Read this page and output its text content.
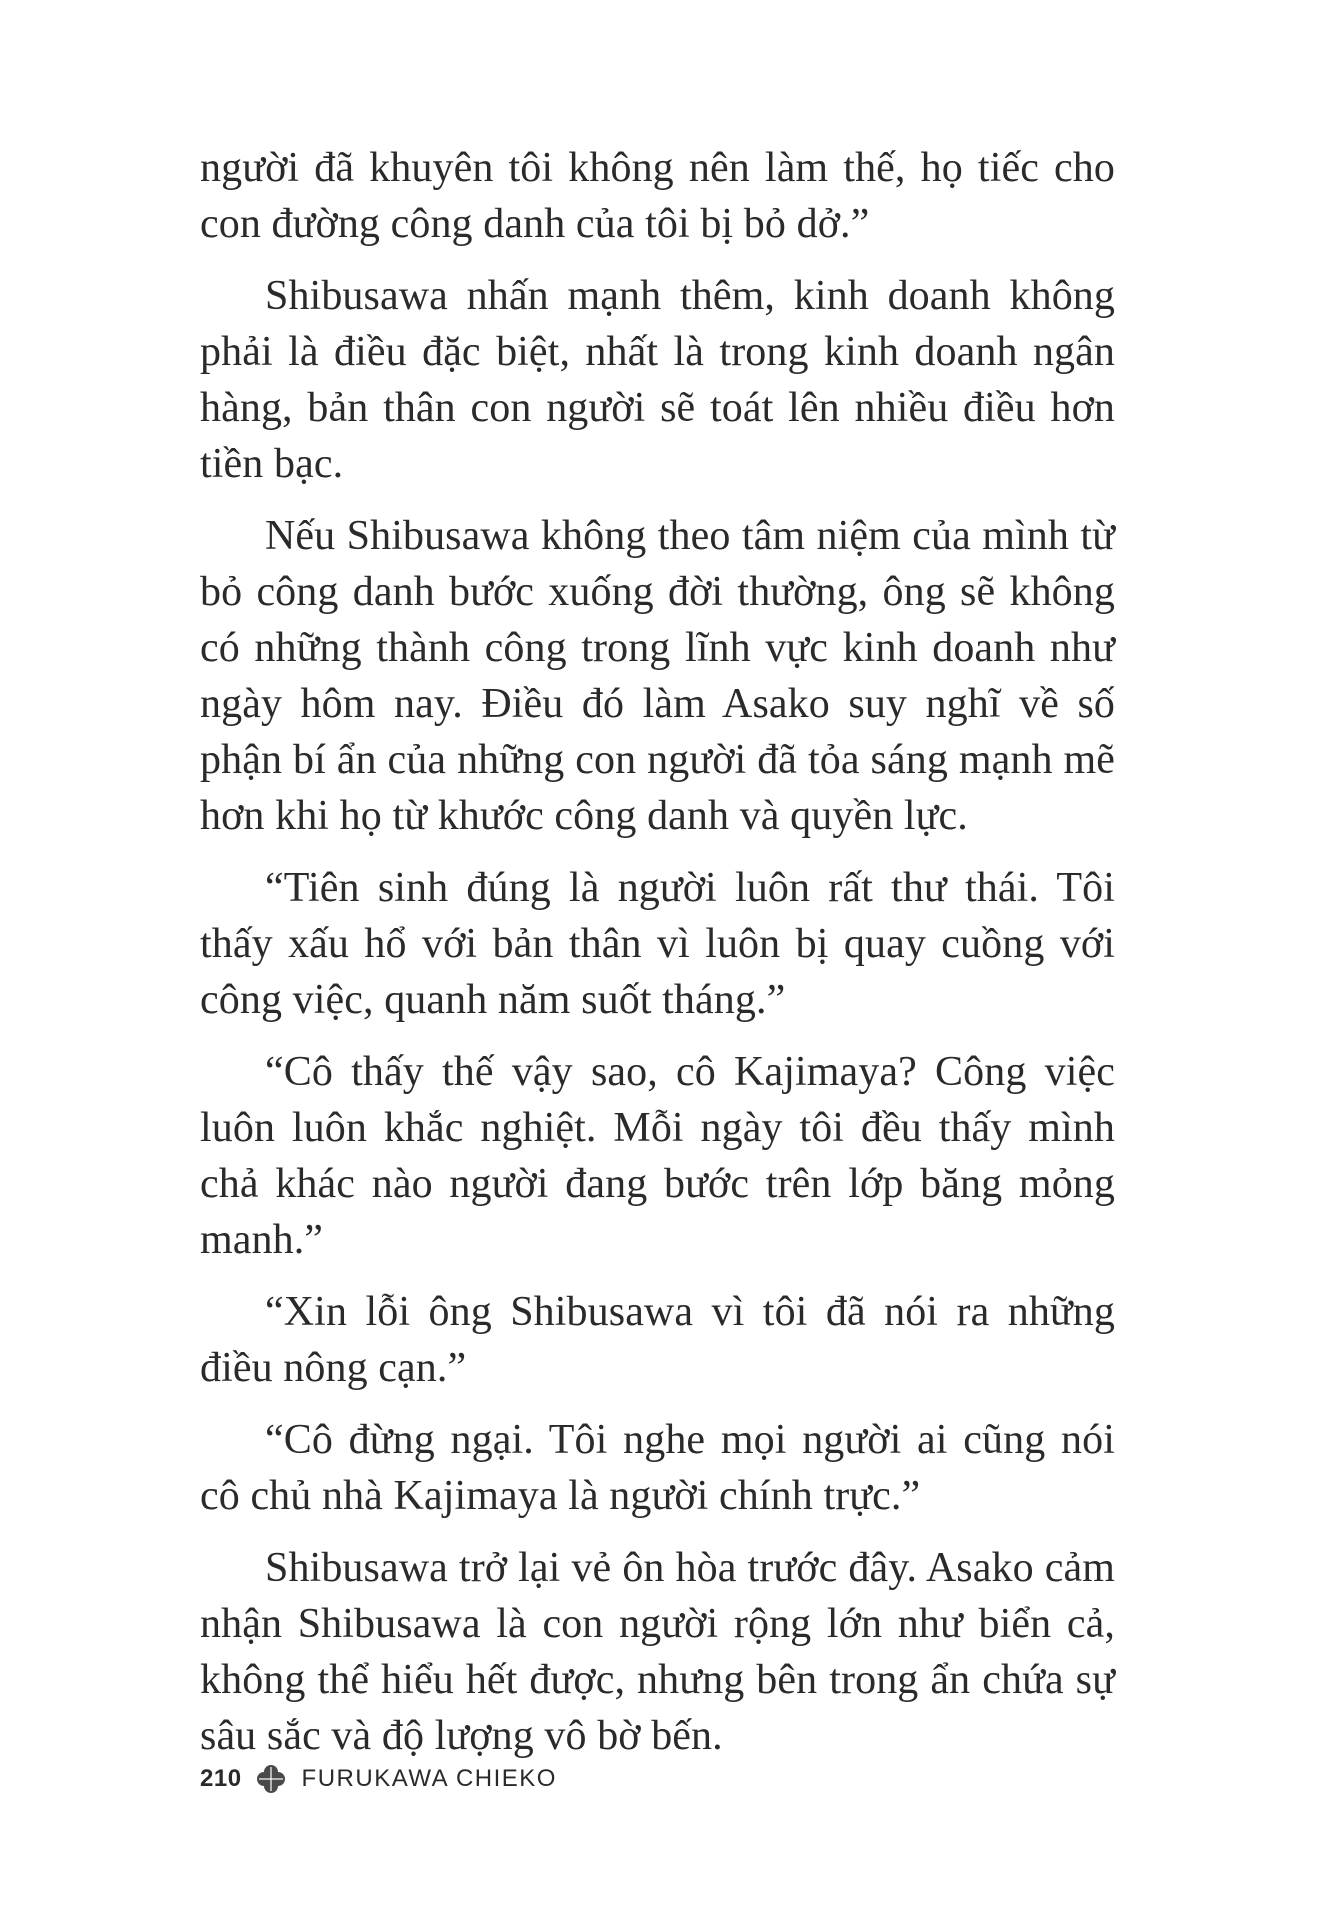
người đã khuyên tôi không nên làm thế, họ tiếc cho con đường công danh của tôi bị bỏ dở.”

Shibusawa nhấn mạnh thêm, kinh doanh không phải là điều đặc biệt, nhất là trong kinh doanh ngân hàng, bản thân con người sẽ toát lên nhiều điều hơn tiền bạc.

Nếu Shibusawa không theo tâm niệm của mình từ bỏ công danh bước xuống đời thường, ông sẽ không có những thành công trong lĩnh vực kinh doanh như ngày hôm nay. Điều đó làm Asako suy nghĩ về số phận bí ẩn của những con người đã tỏa sáng mạnh mẽ hơn khi họ từ khước công danh và quyền lực.

“Tiên sinh đúng là người luôn rất thư thái. Tôi thấy xấu hổ với bản thân vì luôn bị quay cuồng với công việc, quanh năm suốt tháng.”

“Cô thấy thế vậy sao, cô Kajimaya? Công việc luôn luôn khắc nghiệt. Mỗi ngày tôi đều thấy mình chả khác nào người đang bước trên lớp băng mỏng manh.”

“Xin lỗi ông Shibusawa vì tôi đã nói ra những điều nông cạn.”

“Cô đừng ngại. Tôi nghe mọi người ai cũng nói cô chủ nhà Kajimaya là người chính trực.”

Shibusawa trở lại vẻ ôn hòa trước đây. Asako cảm nhận Shibusawa là con người rộng lớn như biển cả, không thể hiểu hết được, nhưng bên trong ẩn chứa sự sâu sắc và độ lượng vô bờ bến.

210	FURUKAWA CHIEKO
